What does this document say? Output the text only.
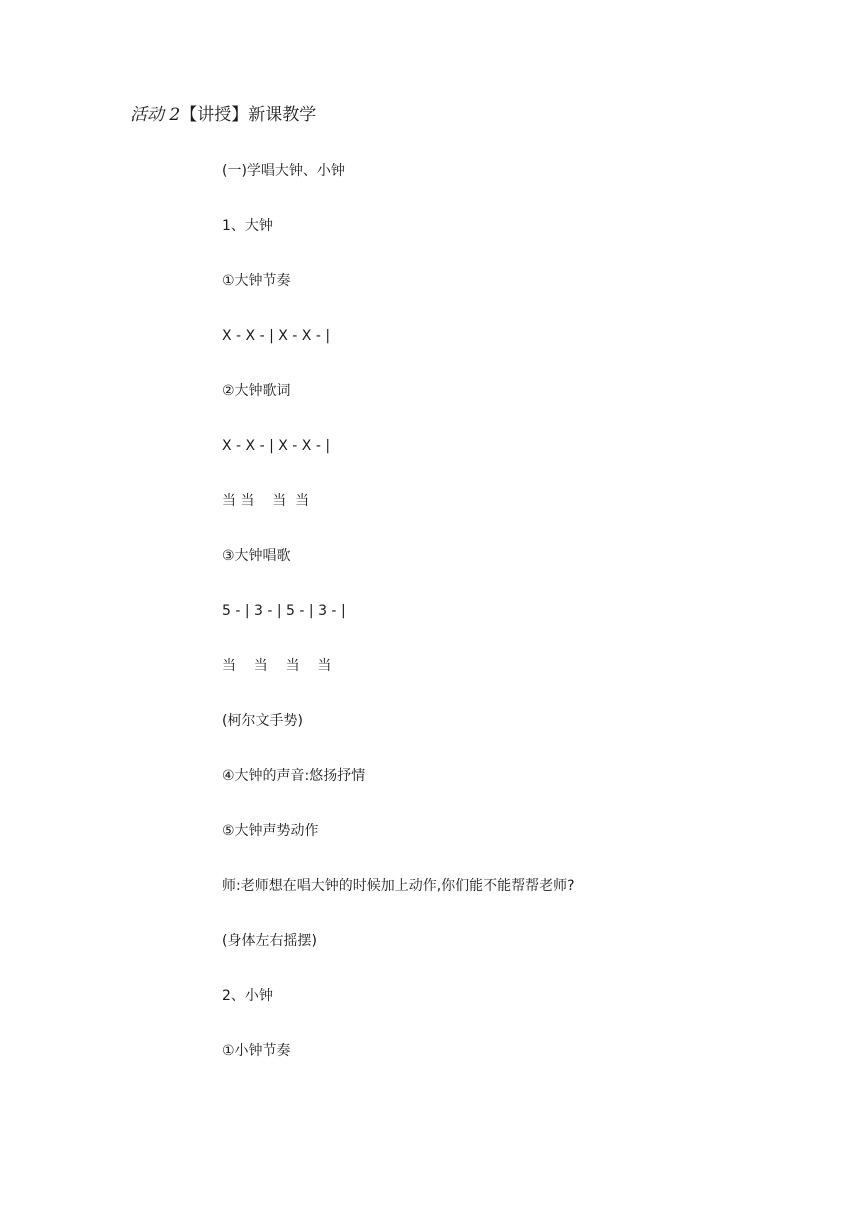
活动 2【讲授】新课教学
(一)学唱大钟、小钟
1、大钟
①大钟节奏
X - X - | X - X - |
②大钟歌词
X - X - | X - X - |
当 当    当  当
③大钟唱歌
5 - | 3 - | 5 - | 3 - |
当    当    当    当
(柯尔文手势)
④大钟的声音:悠扬抒情
⑤大钟声势动作
师:老师想在唱大钟的时候加上动作,你们能不能帮帮老师?
(身体左右摇摆)
2、小钟
①小钟节奏
